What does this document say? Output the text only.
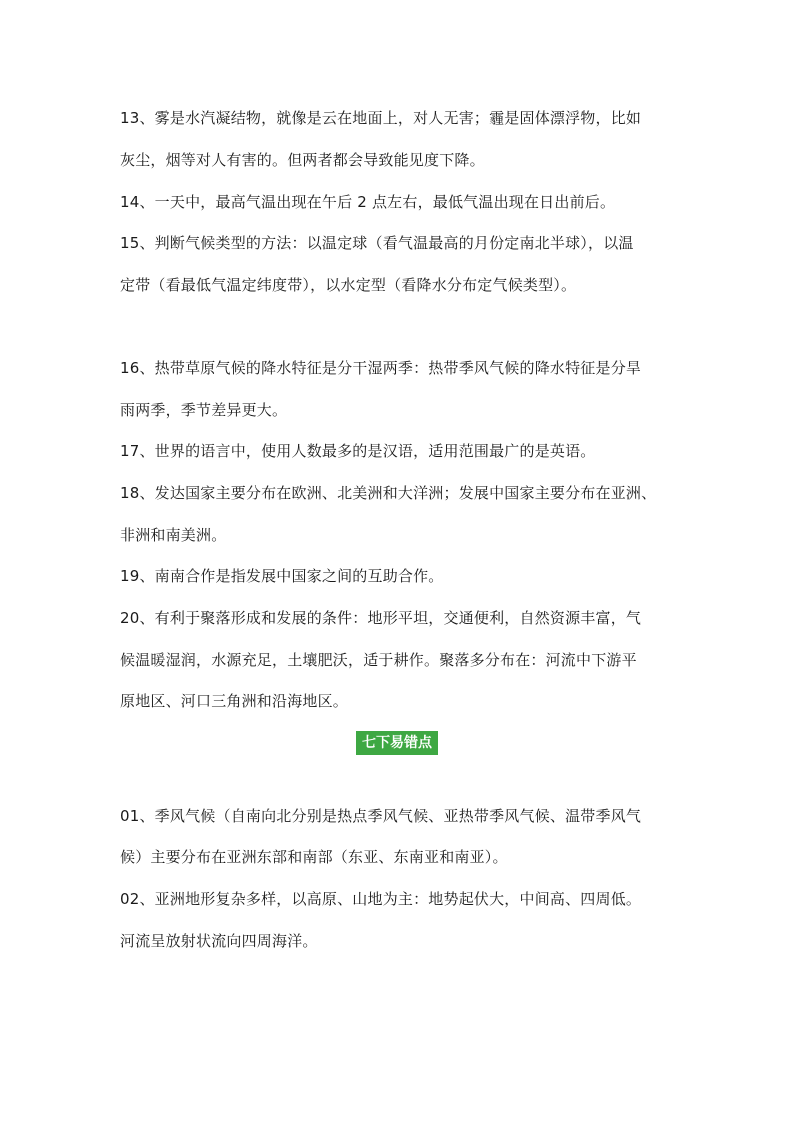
13、雾是水汽凝结物，就像是云在地面上，对人无害；霾是固体漂浮物，比如
灰尘，烟等对人有害的。但两者都会导致能见度下降。
14、一天中，最高气温出现在午后 2 点左右，最低气温出现在日出前后。
15、判断气候类型的方法：以温定球（看气温最高的月份定南北半球），以温
定带（看最低气温定纬度带），以水定型（看降水分布定气候类型）。
16、热带草原气候的降水特征是分干湿两季：热带季风气候的降水特征是分旱
雨两季，季节差异更大。
17、世界的语言中，使用人数最多的是汉语，适用范围最广的是英语。
18、发达国家主要分布在欧洲、北美洲和大洋洲；发展中国家主要分布在亚洲、
非洲和南美洲。
19、南南合作是指发展中国家之间的互助合作。
20、有利于聚落形成和发展的条件：地形平坦，交通便利，自然资源丰富，气
候温暖湿润，水源充足，土壤肥沃，适于耕作。聚落多分布在：河流中下游平
原地区、河口三角洲和沿海地区。
七下易错点
01、季风气候（自南向北分别是热点季风气候、亚热带季风气候、温带季风气
候）主要分布在亚洲东部和南部（东亚、东南亚和南亚）。
02、亚洲地形复杂多样，以高原、山地为主：地势起伏大，中间高、四周低。
河流呈放射状流向四周海洋。
